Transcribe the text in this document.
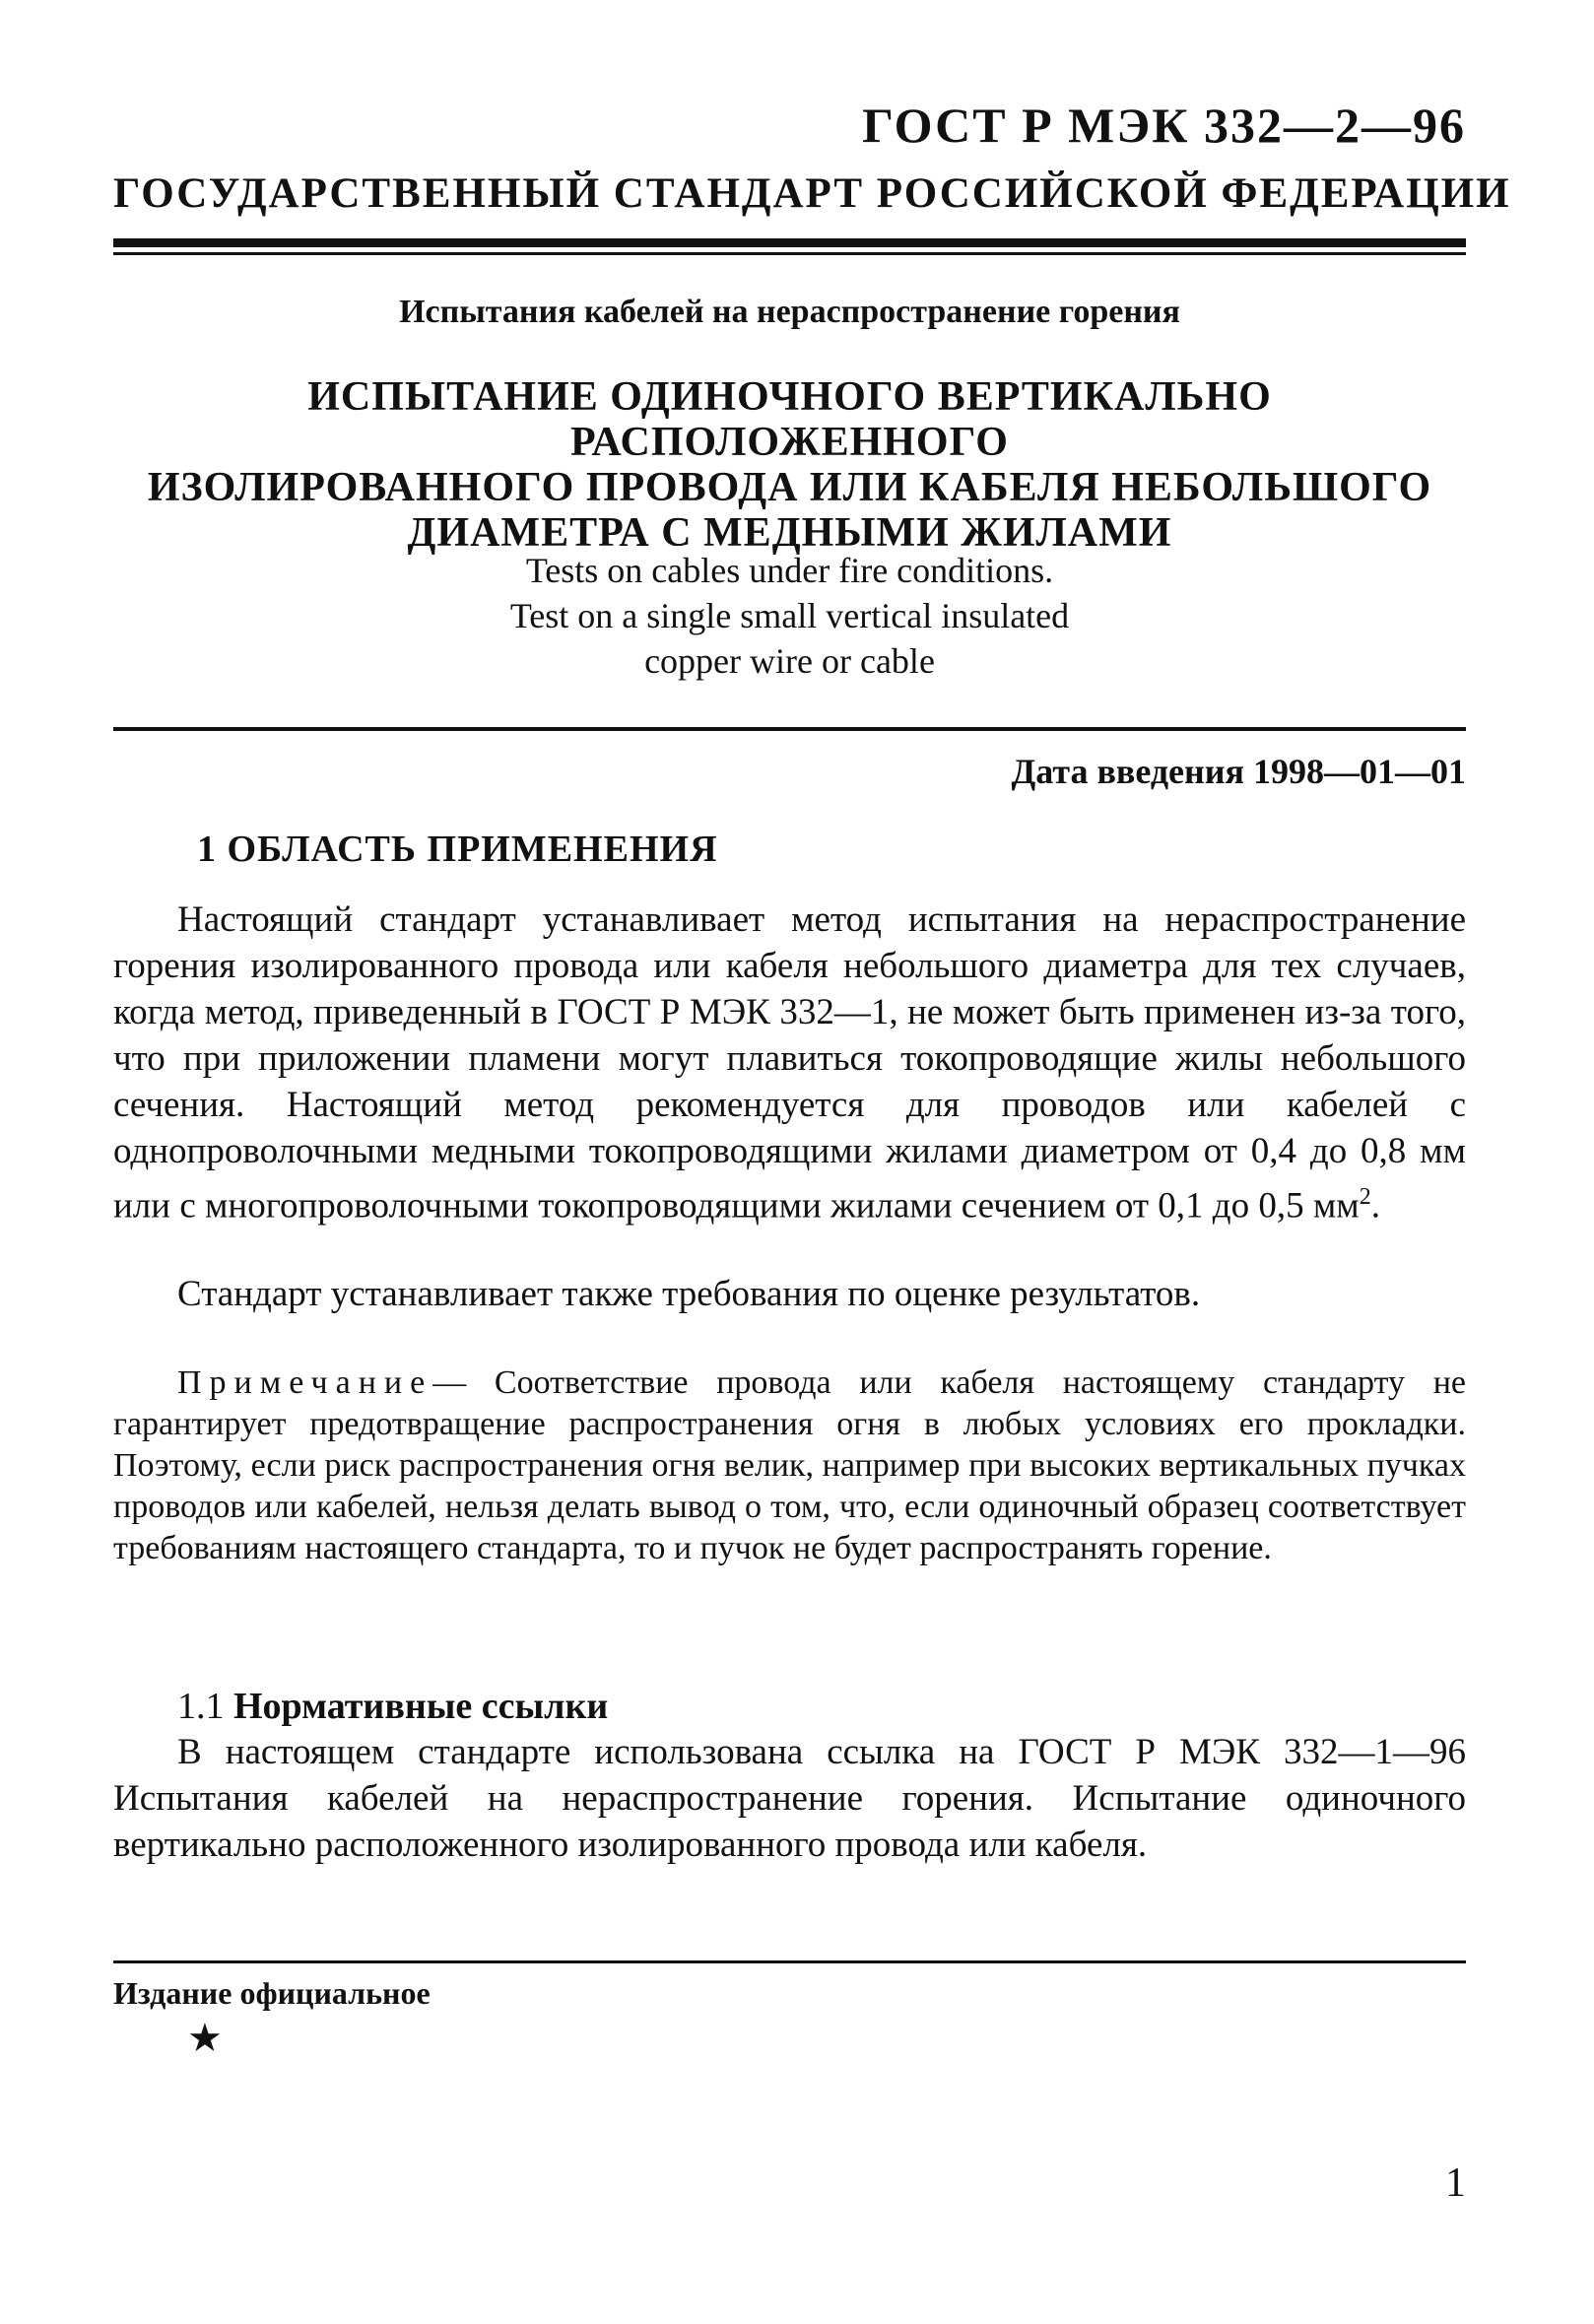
ГОСТ Р МЭК 332—2—96
ГОСУДАРСТВЕННЫЙ СТАНДАРТ РОССИЙСКОЙ ФЕДЕРАЦИИ
Испытания кабелей на нераспространение горения
ИСПЫТАНИЕ ОДИНОЧНОГО ВЕРТИКАЛЬНО РАСПОЛОЖЕННОГО
ИЗОЛИРОВАННОГО ПРОВОДА ИЛИ КАБЕЛЯ НЕБОЛЬШОГО
ДИАМЕТРА С МЕДНЫМИ ЖИЛАМИ
Tests on cables under fire conditions.
Test on a single small vertical insulated
copper wire or cable
Дата введения 1998—01—01
1 ОБЛАСТЬ ПРИМЕНЕНИЯ
Настоящий стандарт устанавливает метод испытания на нераспространение горения изолированного провода или кабеля небольшого диаметра для тех случаев, когда метод, приведенный в ГОСТ Р МЭК 332—1, не может быть применен из-за того, что при приложении пламени могут плавиться токопроводящие жилы небольшого сечения. Настоящий метод рекомендуется для проводов или кабелей с однопроволочными медными токопроводящими жилами диаметром от 0,4 до 0,8 мм или с многопроволочными токопроводящими жилами сечением от 0,1 до 0,5 $мм^2$.
Стандарт устанавливает также требования по оценке результатов.
Примечание— Соответствие провода или кабеля настоящему стандарту не гарантирует предотвращение распространения огня в любых условиях его прокладки. Поэтому, если риск распространения огня велик, например при высоких вертикальных пучках проводов или кабелей, нельзя делать вывод о том, что, если одиночный образец соответствует требованиям настоящего стандарта, то и пучок не будет распространять горение.
1.1 Нормативные ссылки
В настоящем стандарте использована ссылка на ГОСТ Р МЭК 332—1—96 Испытания кабелей на нераспространение горения. Испытание одиночного вертикально расположенного изолированного провода или кабеля.
Издание официальное
★
1
